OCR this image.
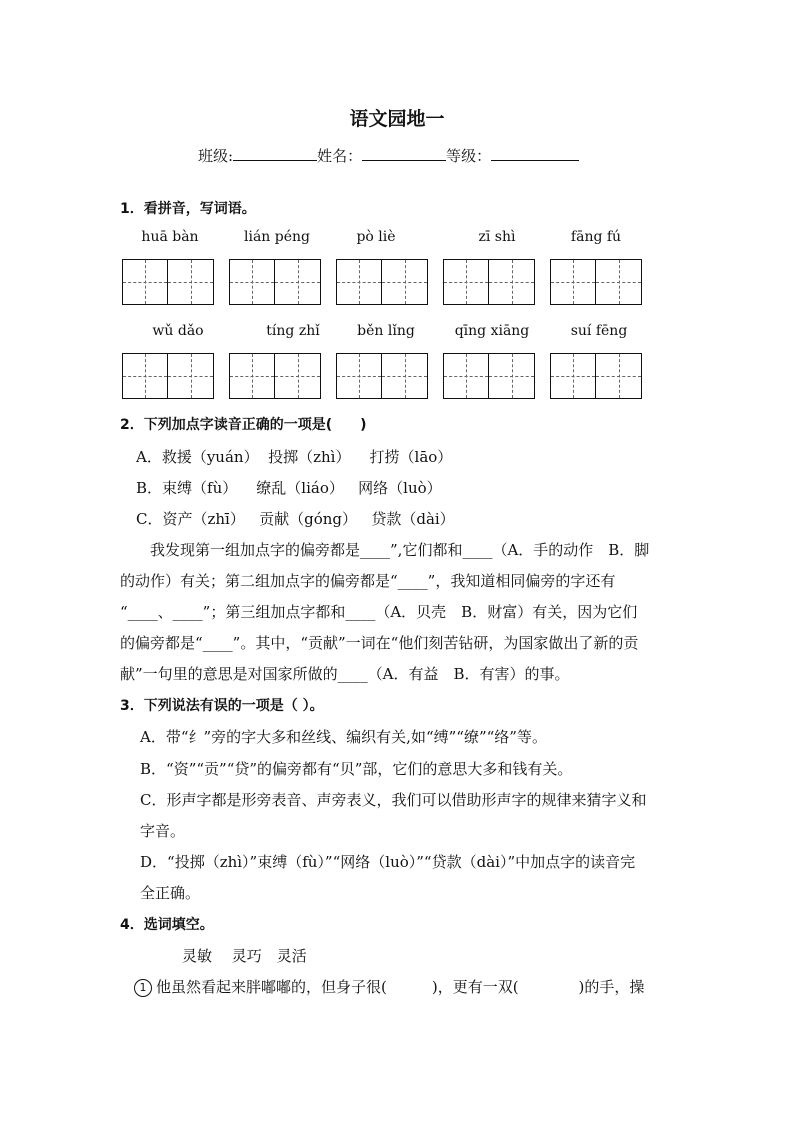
语文园地一
班级:	姓名：	等级：
1．看拼音，写词语。
huā bàn	lián péng	pò liè	zī shì	fāng fú
wǔ dǎo	tíng zhǐ	běn lǐng	qīng xiāng	suí fēng
2．下列加点字读音正确的一项是(　　)
A．救援（yuán）  投掷（zhì）    打捞（lāo）
B．束缚（fù）    缭乱（liáo）   网络（luò）
C．资产（zhī）   贡献（góng）   贷款（dài）
我发现第一组加点字的偏旁都是____”,它们都和____（A．手的动作　B．脚
的动作）有关；第二组加点字的偏旁都是“____”，我知道相同偏旁的字还有
“____、____”；第三组加点字都和____（A．贝壳　B．财富）有关，因为它们
的偏旁都是“____”。其中，“贡献”一词在“他们刻苦钻研，为国家做出了新的贡
献”一句里的意思是对国家所做的____（A．有益　B．有害）的事。
3．下列说法有误的一项是（ ）。
A．带“纟”旁的字大多和丝线、编织有关,如“缚”“缭”“络”等。
B．“资”“贡”“贷”的偏旁都有“贝”部，它们的意思大多和钱有关。
C．形声字都是形旁表音、声旁表义，我们可以借助形声字的规律来猜字义和
字音。
D．“投掷（zhì）”束缚（fù）”“网络（luò）”“贷款（dài）”中加点字的读音完
全正确。
4．选词填空。
灵敏　 灵巧　灵活
1 他虽然看起来胖嘟嘟的，但身子很(　　　)，更有一双(　　　　)的手，操
